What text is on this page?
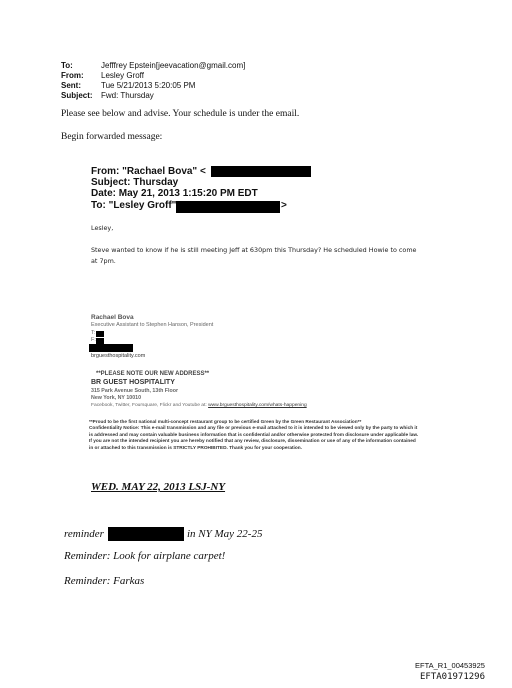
To:	Jefffrey Epstein[jeevacation@gmail.com]
From: Lesley Groff
Sent:	Tue 5/21/2013 5:20:05 PM
Subject: Fwd: Thursday
Please see below and advise. Your schedule is under the email.
Begin forwarded message:
From: "Rachael Bova" <
Subject: Thursday
Date: May 21, 2013 1:15:20 PM EDT
To: "Lesley Groff"	>
Lesley,
Steve wanted to know if he is still meeting Jeff at 630pm this Thursday? He scheduled Howie to come at 7pm.
Rachael Bova
Executive Assistant to Stephen Hanson, President
T:
F:
brguesthospitality.com
**PLEASE NOTE OUR NEW ADDRESS**
BR GUEST HOSPITALITY
315 Park Avenue South, 13th Floor
New York, NY 10010
Facebook, Twitter, Foursquare, Flickr and Youtube at: www.brguesthospitality.com/whats-happening
**Proud to be the first national multi-concept restaurant group to be certified Green by the Green Restaurant Association**
Confidentiality Notice: This e-mail transmission and any file or previous e-mail attached to it is intended to be viewed only by the party to which it is addressed and may contain valuable business information that is confidential and/or otherwise protected from disclosure under applicable law. If you are not the intended recipient you are hereby notified that any review, disclosure, dissemination or use of any of the information contained in or attached to this transmission is STRICTLY PROHIBITED. Thank you for your cooperation.
WED. MAY 22, 2013 LSJ-NY
reminder	in NY May 22-25
Reminder: Look for airplane carpet!
Reminder: Farkas
EFTA_R1_00453925
EFTA01971296
